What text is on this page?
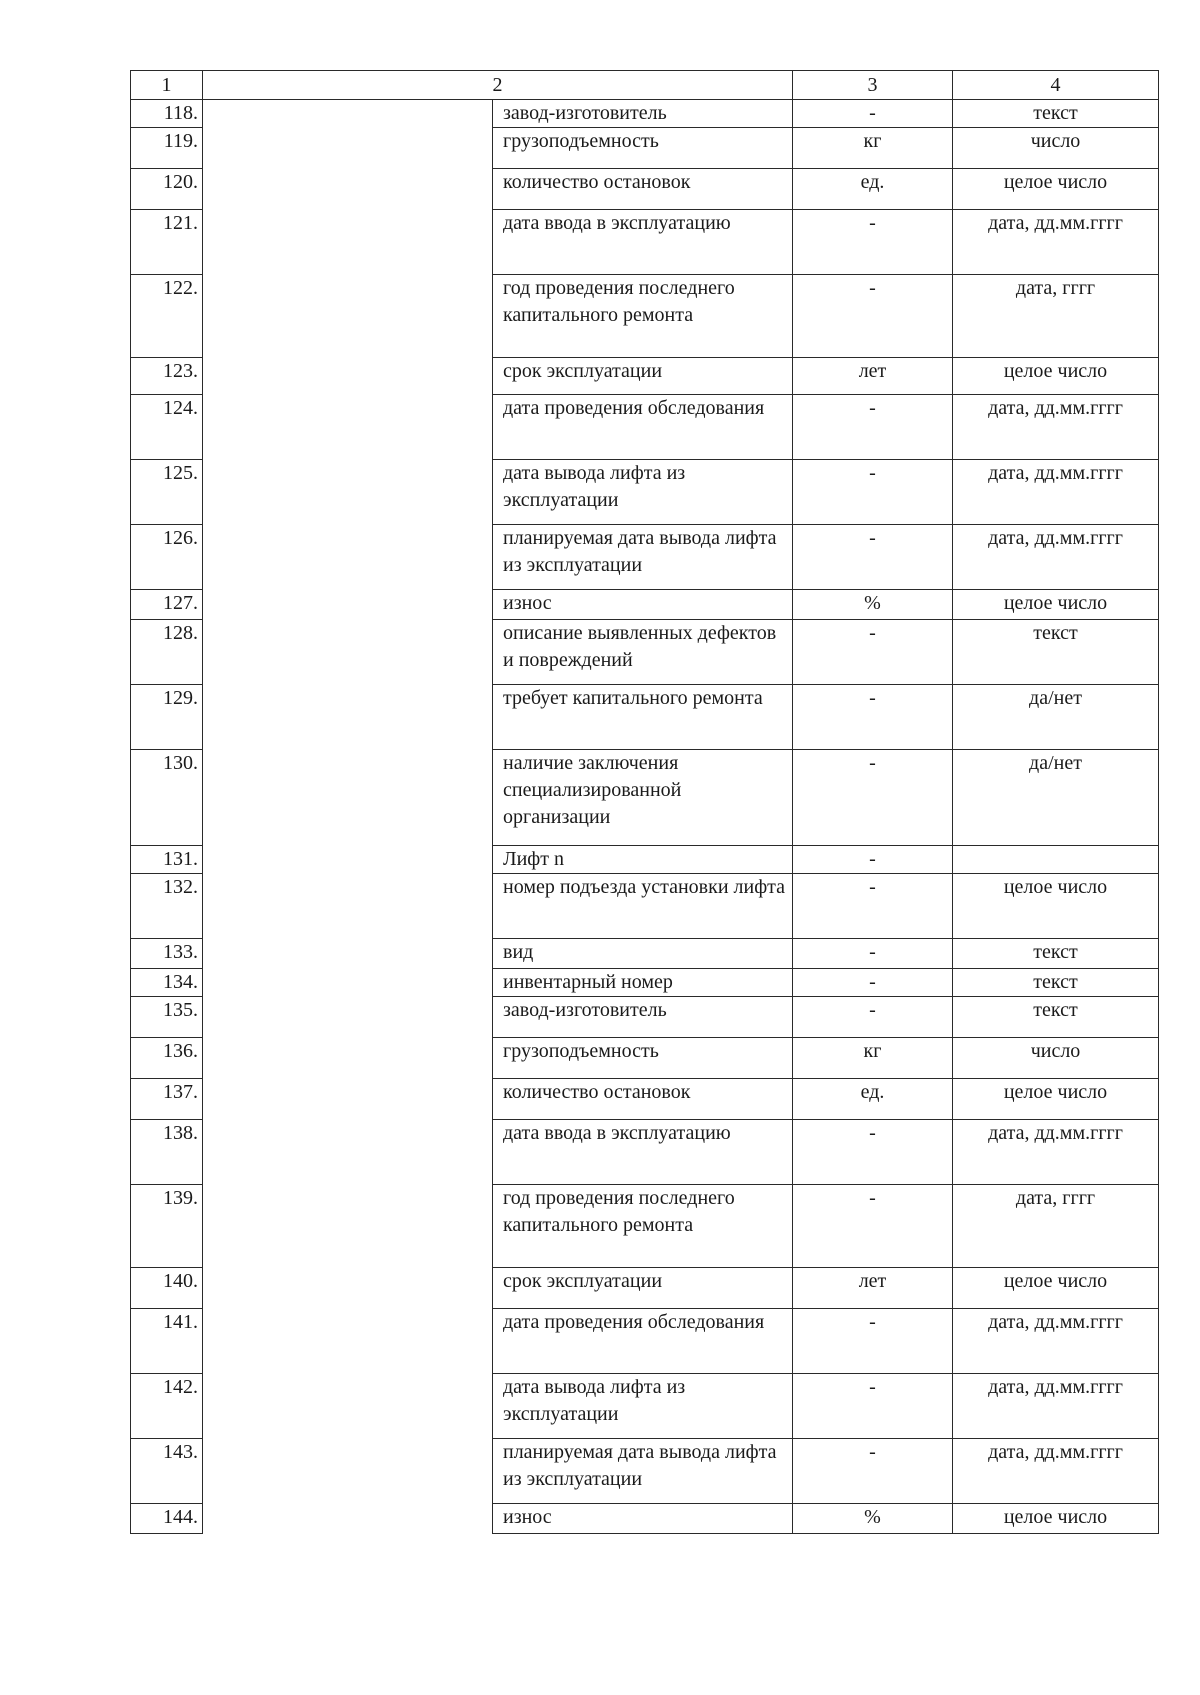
1	2		3	4
118.		завод-изготовитель	-	текст
119.		грузоподъемность	кг	число
120.		количество остановок	ед.	целое число
121.		дата ввода в эксплуатацию	-	дата, дд.мм.гггг
122.		год проведения последнего капитального ремонта	-	дата, гггг
123.		срок эксплуатации	лет	целое число
124.		дата проведения обследования	-	дата, дд.мм.гггг
125.		дата вывода лифта из эксплуатации	-	дата, дд.мм.гггг
126.		планируемая дата вывода лифта из эксплуатации	-	дата, дд.мм.гггг
127.		износ	%	целое число
128.		описание выявленных дефектов и повреждений	-	текст
129.		требует капитального ремонта	-	да/нет
130.		наличие заключения специализированной организации	-	да/нет
131.		Лифт n	-	
132.		номер подъезда установки лифта	-	целое число
133.		вид	-	текст
134.		инвентарный номер	-	текст
135.		завод-изготовитель	-	текст
136.		грузоподъемность	кг	число
137.		количество остановок	ед.	целое число
138.		дата ввода в эксплуатацию	-	дата, дд.мм.гггг
139.		год проведения последнего капитального ремонта	-	дата, гггг
140.		срок эксплуатации	лет	целое число
141.		дата проведения обследования	-	дата, дд.мм.гггг
142.		дата вывода лифта из эксплуатации	-	дата, дд.мм.гггг
143.		планируемая дата вывода лифта из эксплуатации	-	дата, дд.мм.гггг
144.		износ	%	целое число
